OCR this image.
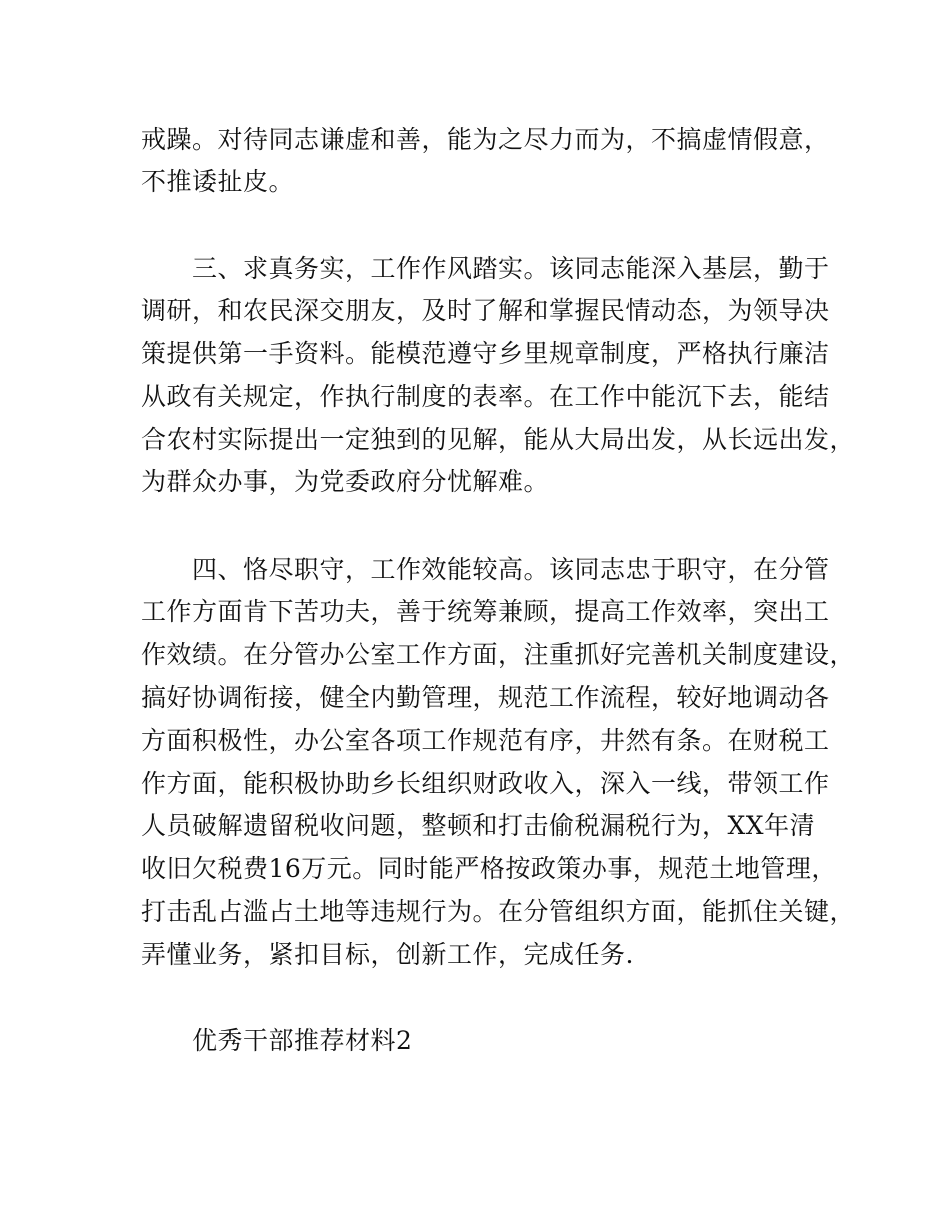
戒躁。对待同志谦虚和善，能为之尽力而为，不搞虚情假意，
不推诿扯皮。
三、求真务实，工作作风踏实。该同志能深入基层，勤于
调研，和农民深交朋友，及时了解和掌握民情动态，为领导决
策提供第一手资料。能模范遵守乡里规章制度，严格执行廉洁
从政有关规定，作执行制度的表率。在工作中能沉下去，能结
合农村实际提出一定独到的见解，能从大局出发，从长远出发，
为群众办事，为党委政府分忧解难。
四、恪尽职守，工作效能较高。该同志忠于职守，在分管
工作方面肯下苦功夫，善于统筹兼顾，提高工作效率，突出工
作效绩。在分管办公室工作方面，注重抓好完善机关制度建设，
搞好协调衔接，健全内勤管理，规范工作流程，较好地调动各
方面积极性，办公室各项工作规范有序，井然有条。在财税工
作方面，能积极协助乡长组织财政收入，深入一线，带领工作
人员破解遗留税收问题，整顿和打击偷税漏税行为，XX年清
收旧欠税费16万元。同时能严格按政策办事，规范土地管理，
打击乱占滥占土地等违规行为。在分管组织方面，能抓住关键，
弄懂业务，紧扣目标，创新工作，完成任务.
优秀干部推荐材料2
